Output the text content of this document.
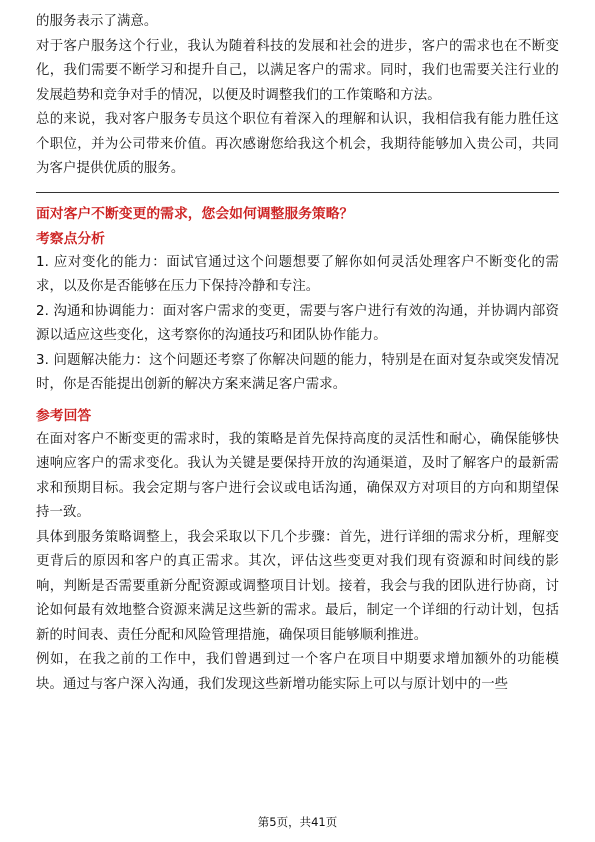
的服务表示了满意。

对于客户服务这个行业，我认为随着科技的发展和社会的进步，客户的需求也在不断变化，我们需要不断学习和提升自己，以满足客户的需求。同时，我们也需要关注行业的发展趋势和竞争对手的情况，以便及时调整我们的工作策略和方法。

总的来说，我对客户服务专员这个职位有着深入的理解和认识，我相信我有能力胜任这个职位，并为公司带来价值。再次感谢您给我这个机会，我期待能够加入贵公司，共同为客户提供优质的服务。

面对客户不断变更的需求，您会如何调整服务策略？

考察点分析

1. 应对变化的能力：面试官通过这个问题想要了解你如何灵活处理客户不断变化的需求，以及你是否能够在压力下保持冷静和专注。

2. 沟通和协调能力：面对客户需求的变更，需要与客户进行有效的沟通，并协调内部资源以适应这些变化，这考察你的沟通技巧和团队协作能力。

3. 问题解决能力：这个问题还考察了你解决问题的能力，特别是在面对复杂或突发情况时，你是否能提出创新的解决方案来满足客户需求。

参考回答

在面对客户不断变更的需求时，我的策略是首先保持高度的灵活性和耐心，确保能够快速响应客户的需求变化。我认为关键是要保持开放的沟通渠道，及时了解客户的最新需求和预期目标。我会定期与客户进行会议或电话沟通，确保双方对项目的方向和期望保持一致。

具体到服务策略调整上，我会采取以下几个步骤：首先，进行详细的需求分析，理解变更背后的原因和客户的真正需求。其次，评估这些变更对我们现有资源和时间线的影响，判断是否需要重新分配资源或调整项目计划。接着，我会与我的团队进行协商，讨论如何最有效地整合资源来满足这些新的需求。最后，制定一个详细的行动计划，包括新的时间表、责任分配和风险管理措施，确保项目能够顺利推进。

例如，在我之前的工作中，我们曾遇到过一个客户在项目中期要求增加额外的功能模块。通过与客户深入沟通，我们发现这些新增功能实际上可以与原计划中的一些

第5页，共41页
